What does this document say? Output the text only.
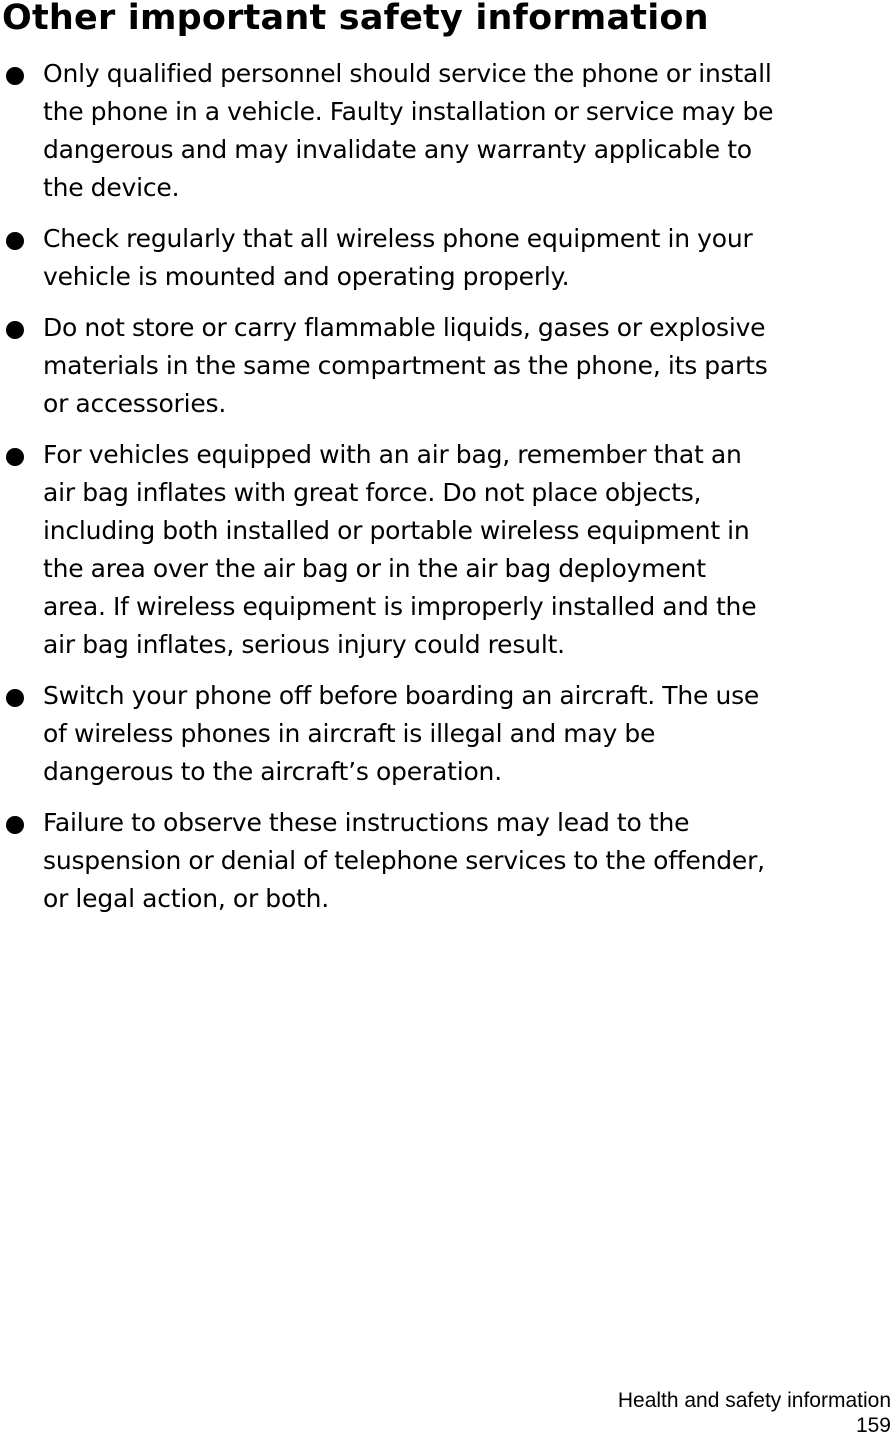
Other important safety information
Only qualified personnel should service the phone or install
the phone in a vehicle. Faulty installation or service may be
dangerous and may invalidate any warranty applicable to
the device.
Check regularly that all wireless phone equipment in your
vehicle is mounted and operating properly.
Do not store or carry flammable liquids, gases or explosive
materials in the same compartment as the phone, its parts
or accessories.
For vehicles equipped with an air bag, remember that an
air bag inflates with great force. Do not place objects,
including both installed or portable wireless equipment in
the area over the air bag or in the air bag deployment
area. If wireless equipment is improperly installed and the
air bag inflates, serious injury could result.
Switch your phone off before boarding an aircraft. The use
of wireless phones in aircraft is illegal and may be
dangerous to the aircraft’s operation.
Failure to observe these instructions may lead to the
suspension or denial of telephone services to the offender,
or legal action, or both.
Health and safety information
159
